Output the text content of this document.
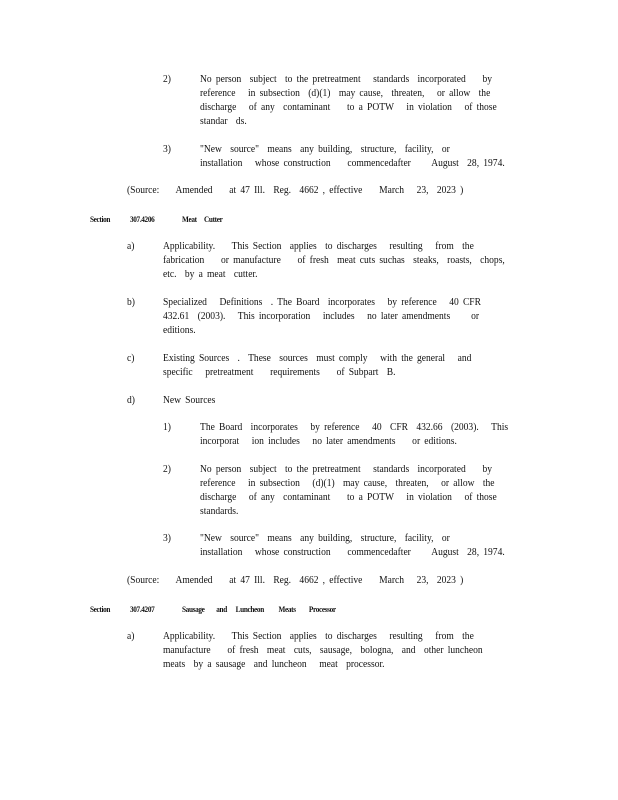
2)	No person  subject  to the pretreatment   standards  incorporated    by
reference   in subsection  (d)(1)  may cause,  threaten,   or allow  the
discharge   of any  contaminant    to a POTW   in violation   of those
standar  ds.
3)	"New  source"  means  any building,  structure,  facility,  or
installation   whose construction    commencedafter     August  28, 1974.
(Source:    Amended    at 47 Ill.  Reg.  4662 , effective    March   23,  2023 )
Section 307.4206	Meat     Cutter
a)	Applicability.    This Section  applies  to discharges   resulting   from  the
fabrication    or manufacture    of fresh  meat cuts suchas  steaks,  roasts,  chops,
etc.  by a meat  cutter.
b)	Specialized   Definitions  . The Board  incorporates   by reference   40 CFR
432.61  (2003).   This incorporation   includes   no later amendments     or
editions.
c)	Existing Sources  .  These  sources  must comply   with the general   and
specific   pretreatment    requirements    of Subpart  B.
d)	New Sources
1)	The Board  incorporates   by reference   40  CFR  432.66  (2003).   This
incorporat   ion includes   no later amendments    or editions.
2)	No person  subject  to the pretreatment   standards  incorporated    by
reference   in subsection   (d)(1)  may cause,  threaten,   or allow  the
discharge   of any  contaminant    to a POTW   in violation   of those
standards.
3)	"New  source"  means  any building,  structure,  facility,  or
installation   whose construction    commencedafter     August  28, 1974.
(Source:    Amended    at 47 Ill.  Reg.  4662 , effective    March   23,  2023 )
Section 307.4207	Sausage        and      Luncheon          Meats         Processor
a)	Applicability.    This Section  applies  to discharges   resulting   from  the
manufacture    of fresh  meat  cuts,  sausage,  bologna,  and  other luncheon
meats  by a sausage  and luncheon   meat  processor.
